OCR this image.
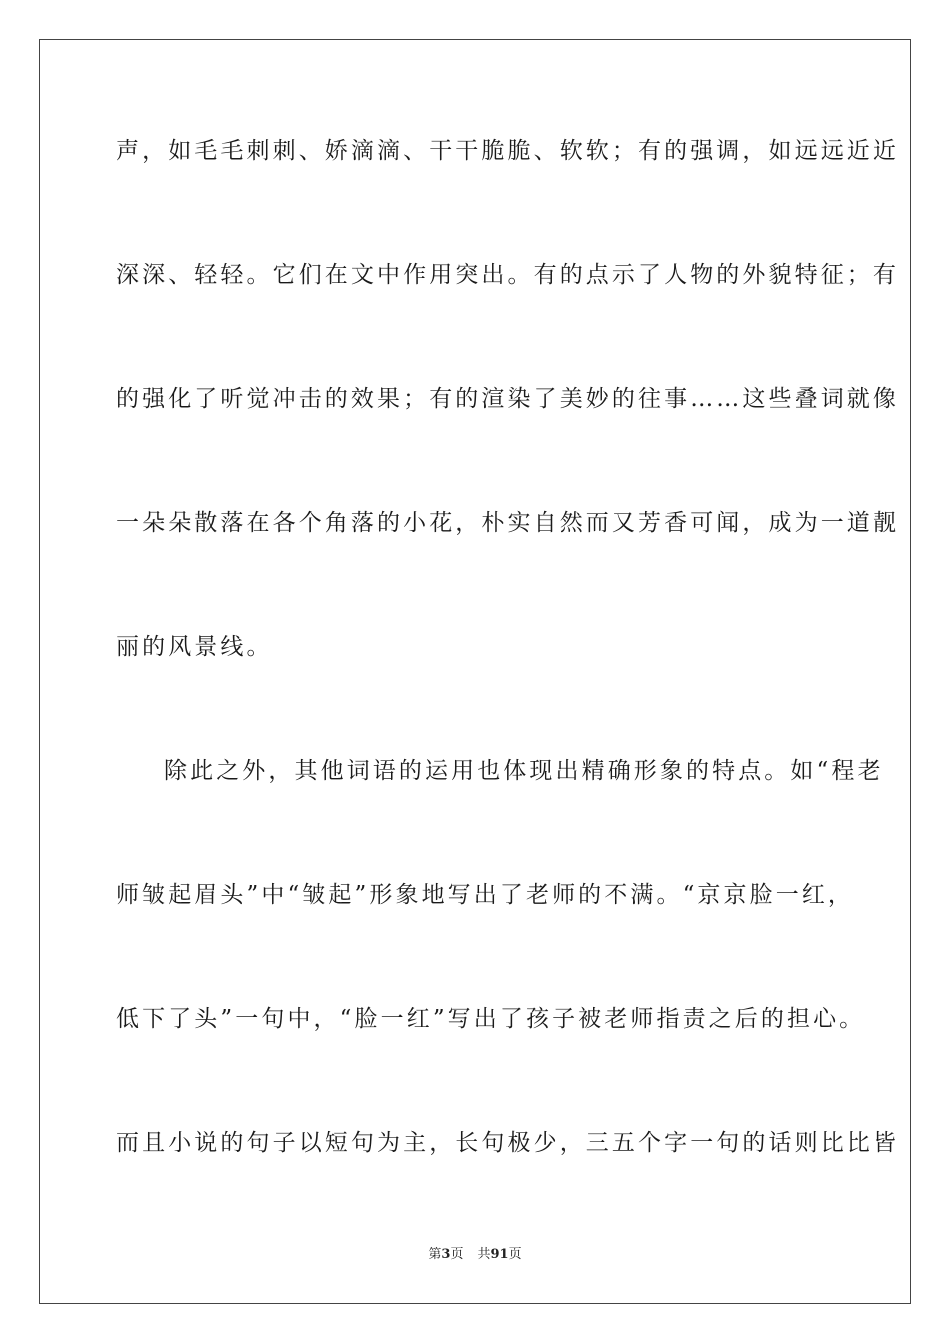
声，如毛毛刺刺、娇滴滴、干干脆脆、软软；有的强调，如远远近近
深深、轻轻。它们在文中作用突出。有的点示了人物的外貌特征；有
的强化了听觉冲击的效果；有的渲染了美妙的往事……这些叠词就像
一朵朵散落在各个角落的小花，朴实自然而又芳香可闻，成为一道靓
丽的风景线。
除此之外，其他词语的运用也体现出精确形象的特点。如“程老
师皱起眉头”中“皱起”形象地写出了老师的不满。“京京脸一红，
低下了头”一句中，“脸一红”写出了孩子被老师指责之后的担心。
而且小说的句子以短句为主，长句极少，三五个字一句的话则比比皆
第3页 共91页
